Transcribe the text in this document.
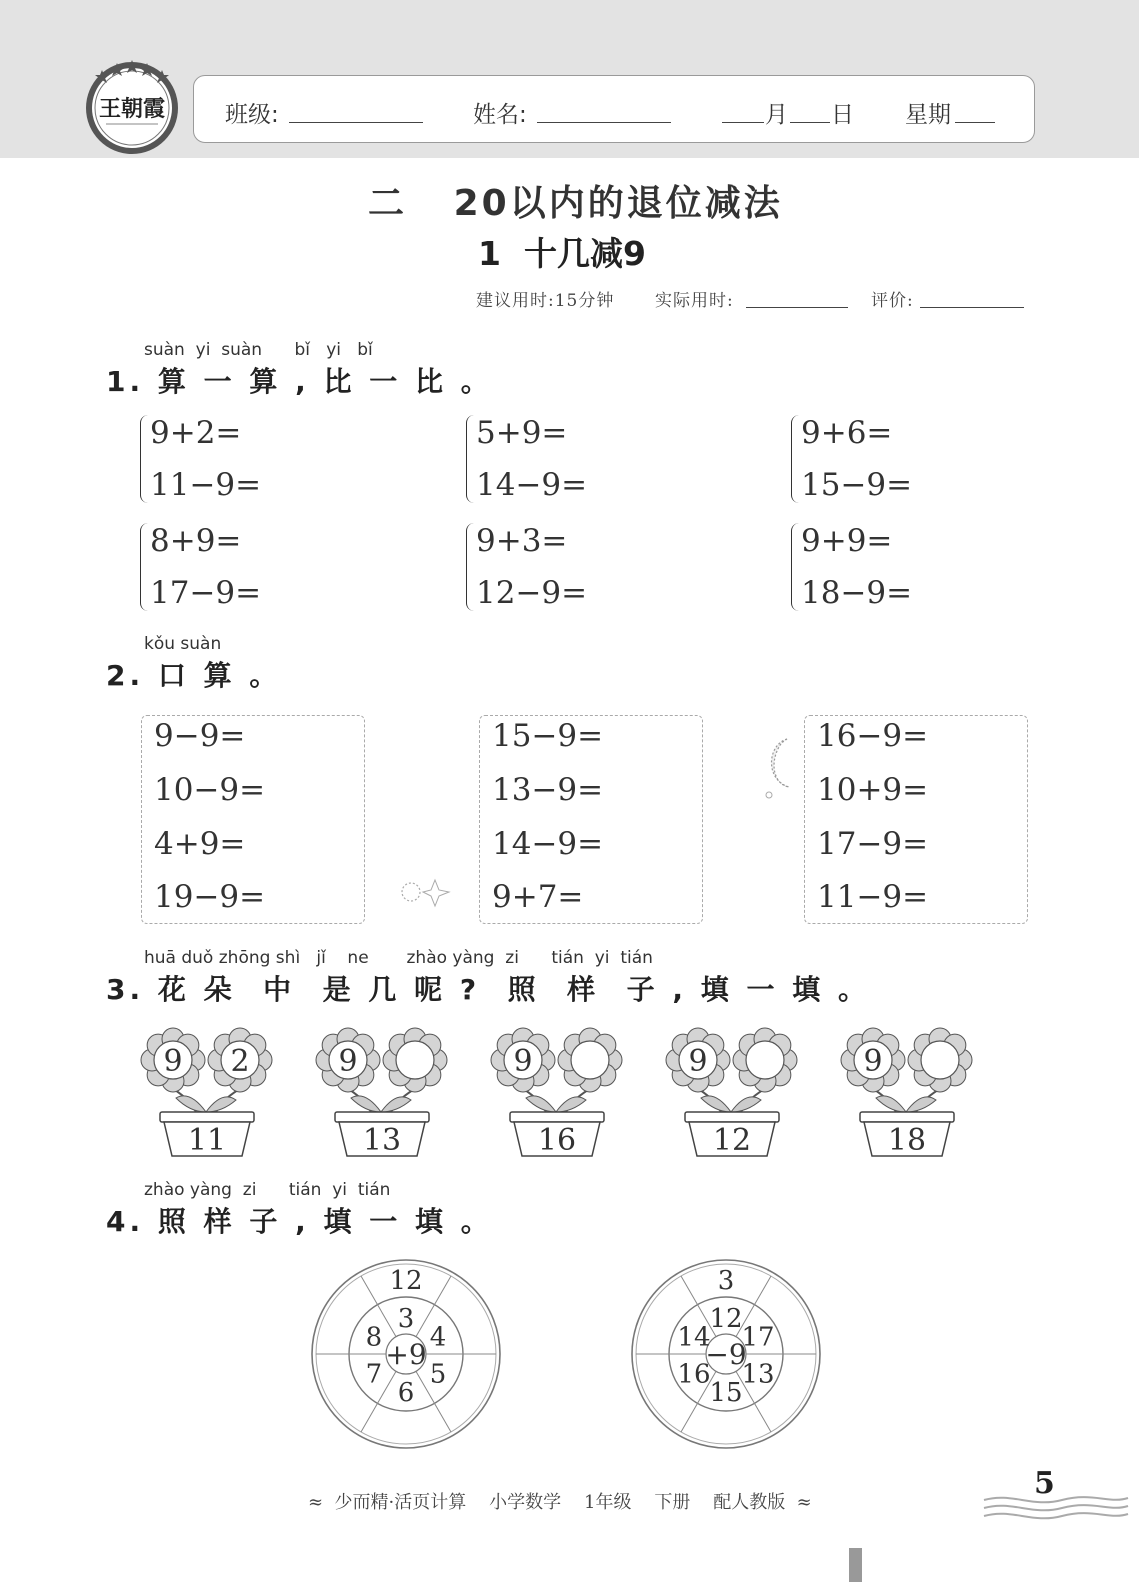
王朝霞	班级:	姓名:	月 日 星期
二   20以内的退位减法
1  十几减9
建议用时:15分钟 实际用时:	评价:
suàn  yi  suàn      bǐ   yi   bǐ
1. 算 一 算 , 比 一 比 。
9+2=
11−9=
5+9=
14−9=
9+6=
15−9=
8+9=
17−9=
9+3=
12−9=
9+9=
18−9=
kǒu suàn
2. 口 算 。
9−9=
10−9=
4+9=
19−9=
15−9=
13−9=
14−9=
9+7=
16−9=
10+9=
17−9=
11−9=
huā duǒ zhōng shì   jǐ    ne       zhào yàng  zi      tián  yi  tián
3. 花 朵  中  是 几 呢 ?  照  样  子 , 填 一 填 。
9 2
11
9
13
9
16
9
12
9
18
zhào yàng  zi      tián  yi  tián
4. 照 样 子 , 填 一 填 。
+9
3
4
5
6
7
8
12
−9
12
17
13
15
16
14
3
≈  少而精·活页计算    小学数学    1年级    下册    配人教版  ≈
5
